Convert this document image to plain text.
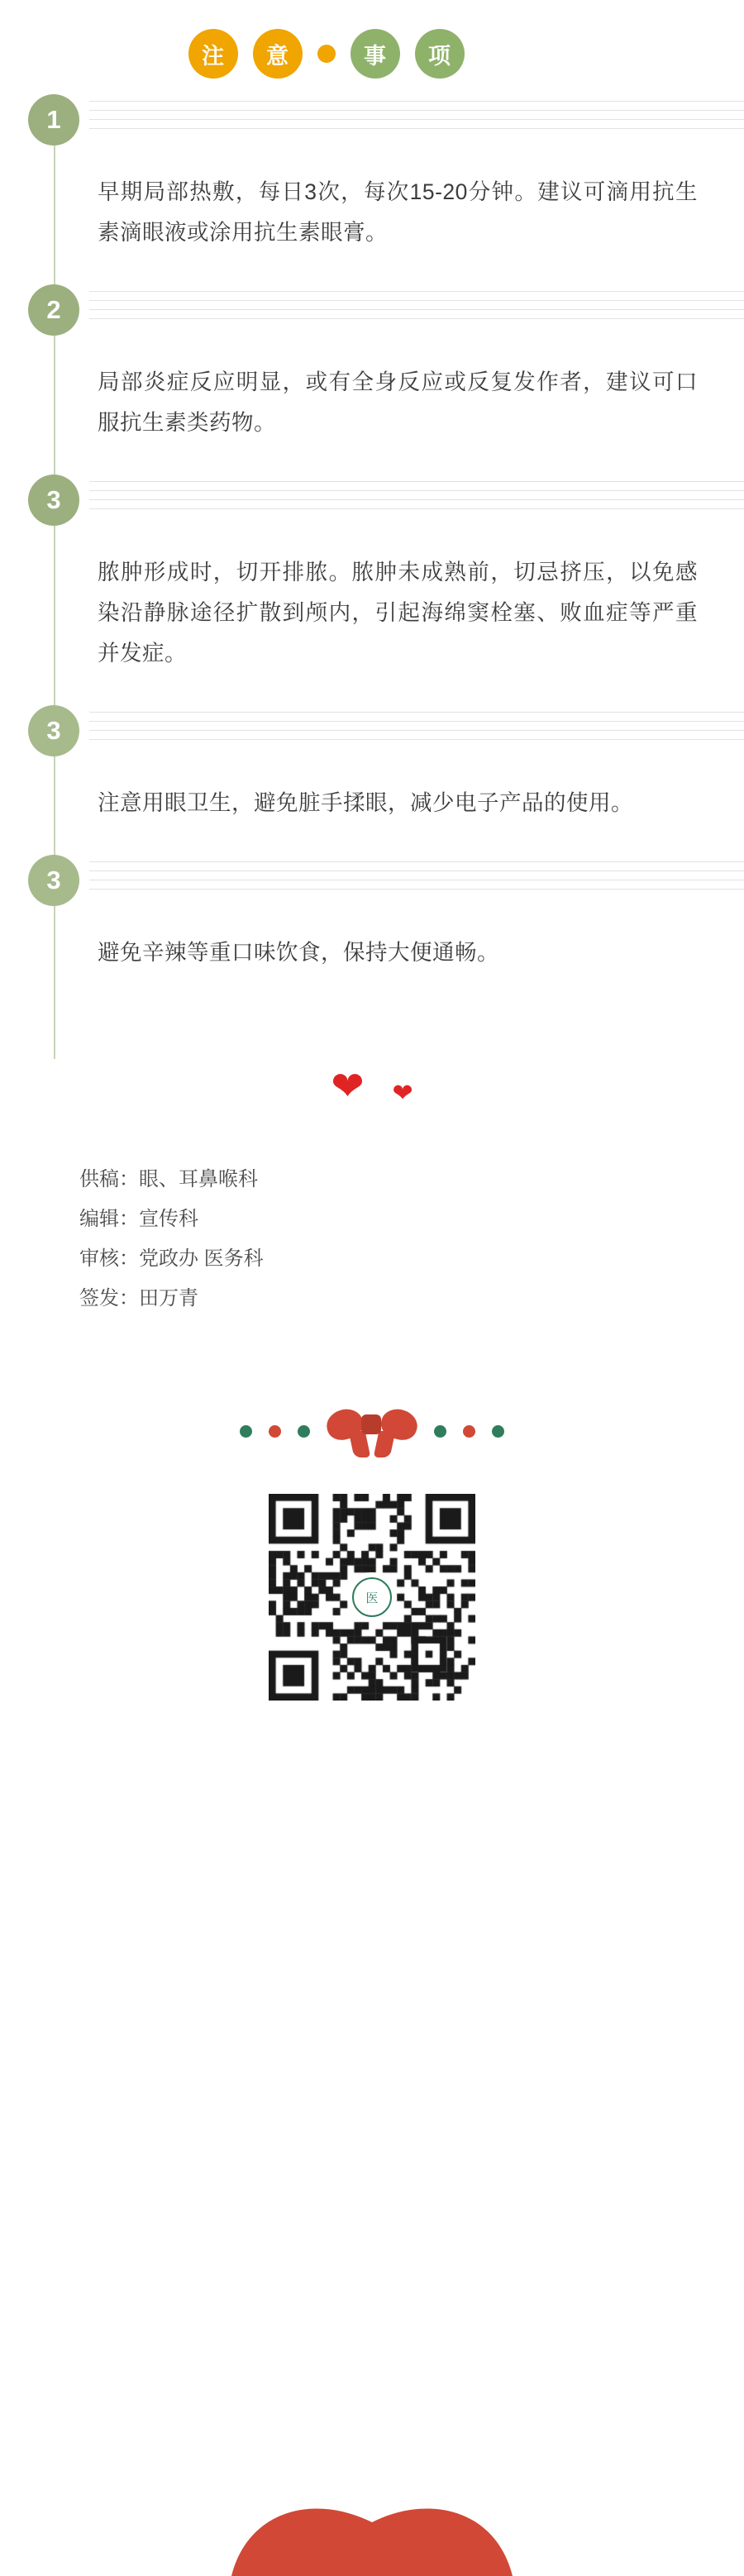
注	意	事	项
1
早期局部热敷，每日3次，每次15-20分钟。建议可滴用抗生素滴眼液或涂用抗生素眼膏。
2
局部炎症反应明显，或有全身反应或反复发作者，建议可口服抗生素类药物。
3
脓肿形成时，切开排脓。脓肿未成熟前，切忌挤压，以免感染沿静脉途径扩散到颅内，引起海绵窦栓塞、败血症等严重并发症。
3
注意用眼卫生，避免脏手揉眼，减少电子产品的使用。
3
避免辛辣等重口味饮食，保持大便通畅。
❤ ❤
供稿：眼、耳鼻喉科
编辑：宣传科
审核：党政办 医务科
签发：田万青
医
